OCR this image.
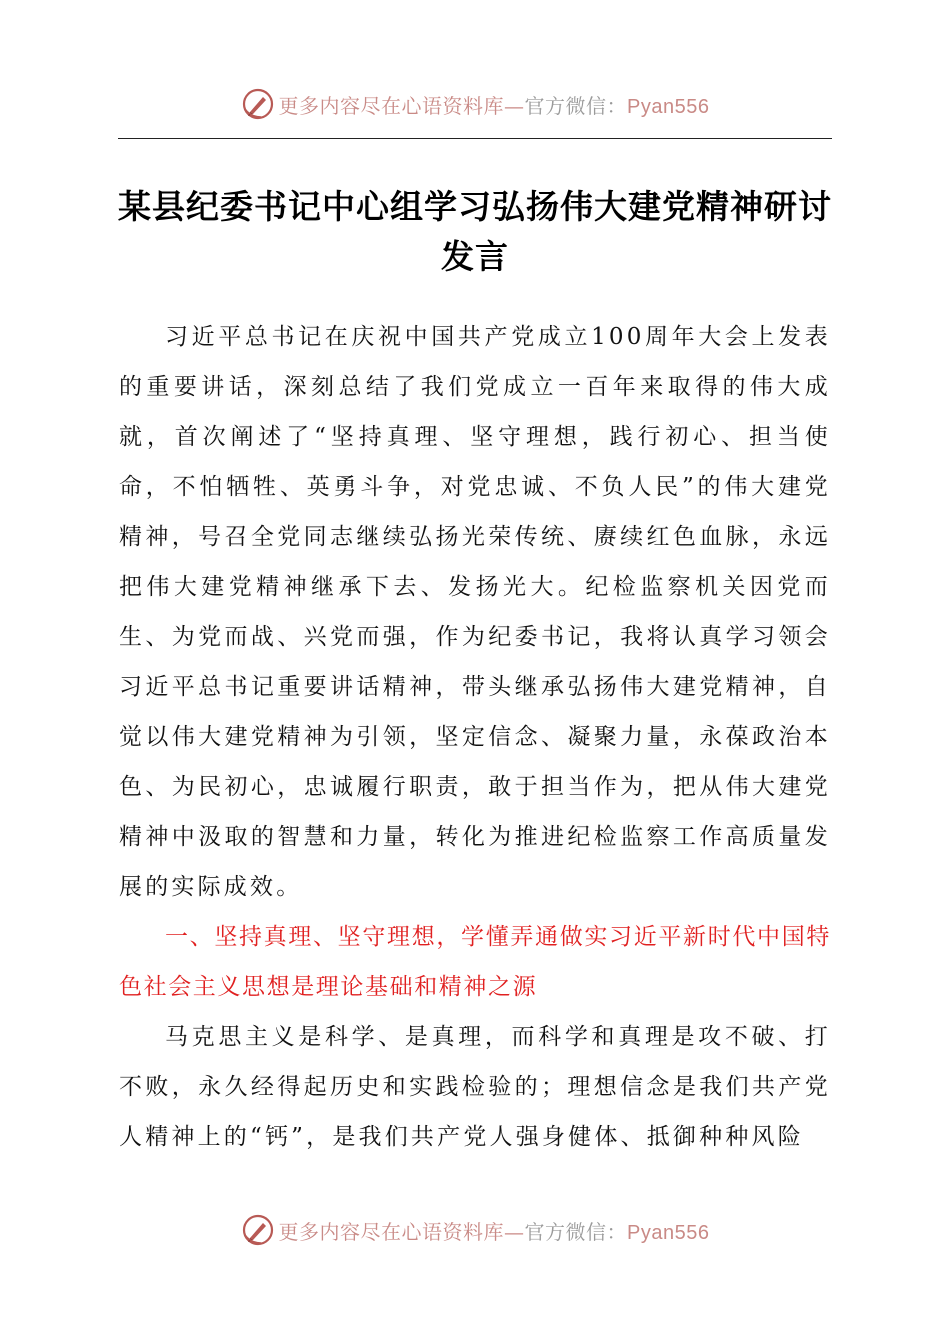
更多内容尽在心语资料库—官方微信：Pyan556
某县纪委书记中心组学习弘扬伟大建党精神研讨发言

习近平总书记在庆祝中国共产党成立100周年大会上发表的重要讲话，深刻总结了我们党成立一百年来取得的伟大成就，首次阐述了“坚持真理、坚守理想，践行初心、担当使命，不怕牺牲、英勇斗争，对党忠诚、不负人民”的伟大建党精神，号召全党同志继续弘扬光荣传统、赓续红色血脉，永远把伟大建党精神继承下去、发扬光大。纪检监察机关因党而生、为党而战、兴党而强，作为纪委书记，我将认真学习领会习近平总书记重要讲话精神，带头继承弘扬伟大建党精神，自觉以伟大建党精神为引领，坚定信念、凝聚力量，永葆政治本色、为民初心，忠诚履行职责，敢于担当作为，把从伟大建党精神中汲取的智慧和力量，转化为推进纪检监察工作高质量发展的实际成效。

一、坚持真理、坚守理想，学懂弄通做实习近平新时代中国特色社会主义思想是理论基础和精神之源

马克思主义是科学、是真理，而科学和真理是攻不破、打不败，永久经得起历史和实践检验的；理想信念是我们共产党人精神上的“钙”，是我们共产党人强身健体、抵御种种风险

更多内容尽在心语资料库—官方微信：Pyan556
